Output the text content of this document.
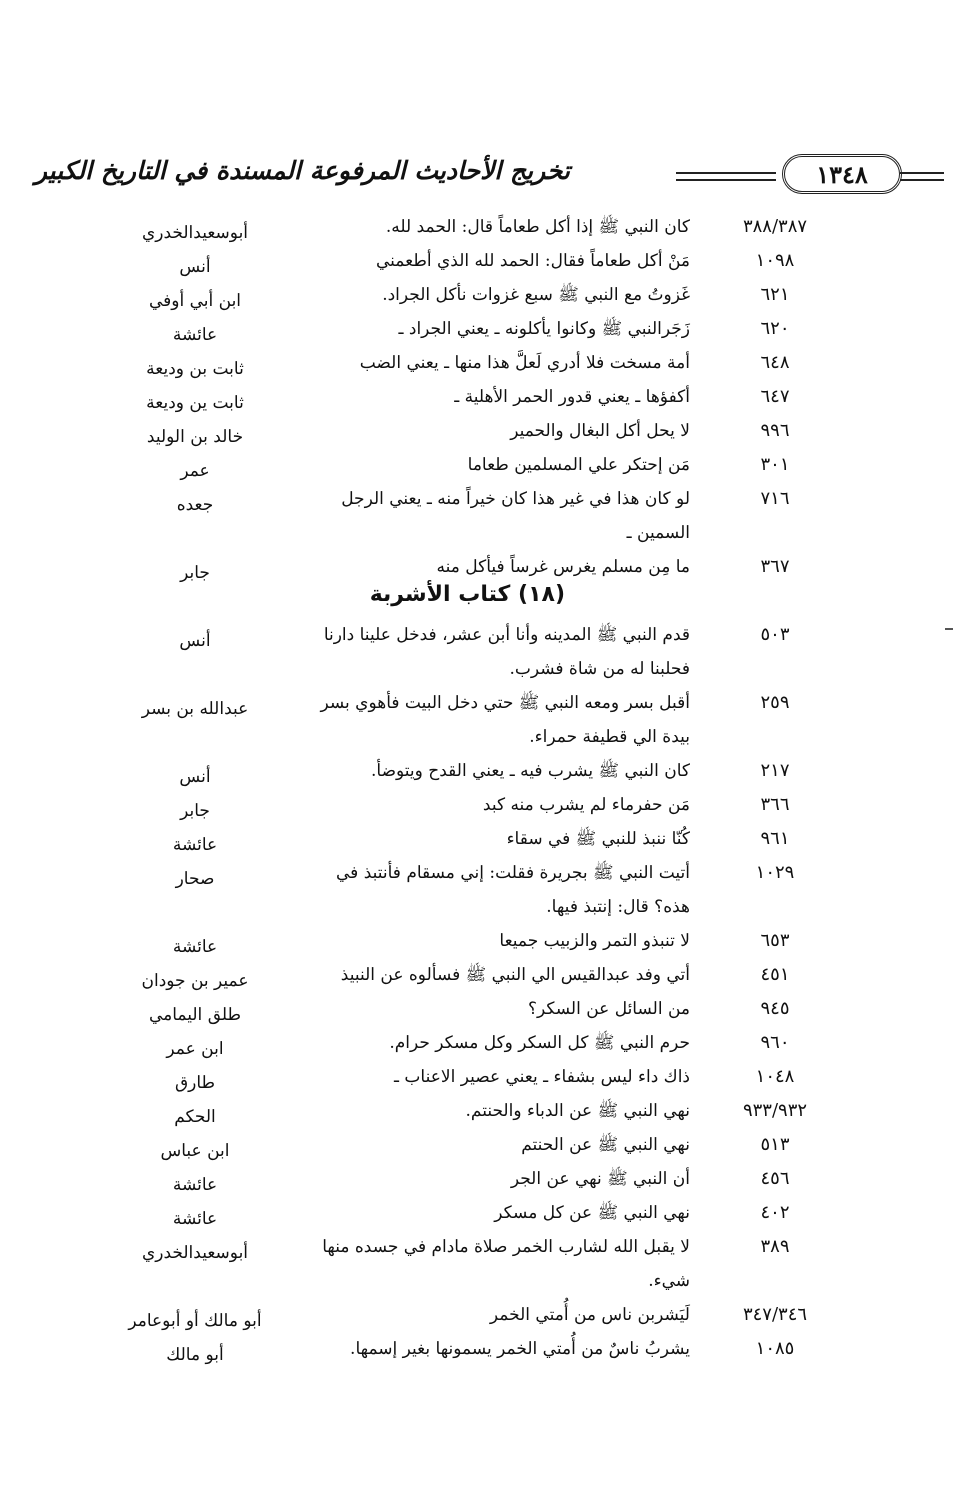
تخريج الأحاديث المرفوعة المسندة في التاريخ الكبير	١٣٤٨
٣٨٨/٣٨٧
كان النبي ﷺ إذا أكل طعاماً قال: الحمد لله.
أبوسعيدالخدري
١٠٩٨
مَنْ أكل طعاماً فقال: الحمد لله الذي أطعمني
أنس
٦٢١
غَزوتُ مع النبي ﷺ سبع غزوات نأكل الجراد.
ابن أبي أوفي
٦٢٠
زَجَرالنبي ﷺ وكانوا يأكلونه ـ يعني الجراد ـ
عائشة
٦٤٨
أمة مسخت فلا أدري لَعلَّ هذا منها ـ يعني الضب
ثابت بن وديعة
٦٤٧
أكفؤها ـ يعني قدور الحمر الأهلية ـ
ثابت ين وديعة
٩٩٦
لا يحل أكل البغال والحمير
خالد بن الوليد
٣٠١
مَن إحتكر علي المسلمين طعاما
عمر
٧١٦
لو كان هذا في غير هذا كان خيراً منه ـ يعني الرجل السمين ـ
جعده
٣٦٧
ما مِن مسلم يغرس غرساً فيأكل منه
جابر
(١٨) كتاب الأشربة
٥٠٣
قدم النبي ﷺ المدينه وأنا أبن عشر، فدخل علينا دارنا فحلبنا له من شاة فشرب.
أنس
٢٥٩
أقبل بسر ومعه النبي ﷺ حتي دخل البيت فأهوي بسر بيدة الي قطيفة حمراء.
عبدالله بن بسر
٢١٧
كان النبي ﷺ يشرب فيه ـ يعني القدح ويتوضأ.
أنس
٣٦٦
مَن حفرماء لم يشرب منه كبد
جابر
٩٦١
كُنّا ننبذ للنبي ﷺ في سقاء
عائشة
١٠٢٩
أتيت النبي ﷺ بجريرة فقلت: إني مسقام فأنتبذ في هذه؟ قال: إنتبذ فيها.
صحار
٦٥٣
لا تنبذو التمر والزبيب جميعا
عائشة
٤٥١
أتي وفد عبدالقيس الي النبي ﷺ فسألوه عن النبيذ
عمير بن جودان
٩٤٥
من السائل عن السكر؟
طلق اليمامي
٩٦٠
حرم النبي ﷺ كل السكر وكل مسكر حرام.
ابن عمر
١٠٤٨
ذاك داء ليس بشفاء ـ يعني عصير الاعناب ـ
طارق
٩٣٣/٩٣٢
نهي النبي ﷺ عن الدباء والحنتم.
الحكم
٥١٣
نهي النبي ﷺ عن الحنتم
ابن عباس
٤٥٦
أن النبي ﷺ نهي عن الجر
عائشة
٤٠٢
نهي النبي ﷺ عن كل مسكر
عائشة
٣٨٩
لا يقبل الله لشارب الخمر صلاة مادام في جسده منها شيء.
أبوسعيدالخدري
٣٤٧/٣٤٦
لَيَشربن ناس من أُمتي الخمر
أبو مالك أو أبوعامر
١٠٨٥
يشربُ ناسٌ من أُمتي الخمر يسمونها بغير إسمها.
أبو مالك
